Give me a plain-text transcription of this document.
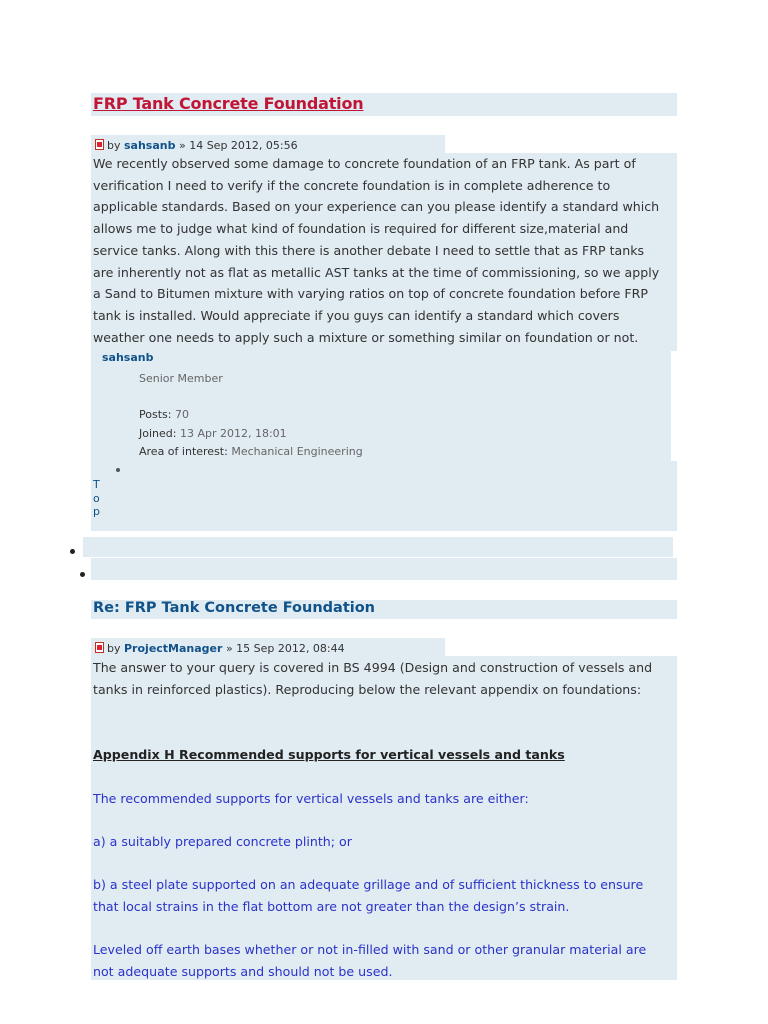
FRP Tank Concrete Foundation
by sahsanb » 14 Sep 2012, 05:56
We recently observed some damage to concrete foundation of an FRP tank. As part of
verification I need to verify if the concrete foundation is in complete adherence to
applicable standards. Based on your experience can you please identify a standard which
allows me to judge what kind of foundation is required for different size,material and
service tanks. Along with this there is another debate I need to settle that as FRP tanks
are inherently not as flat as metallic AST tanks at the time of commissioning, so we apply
a Sand to Bitumen mixture with varying ratios on top of concrete foundation before FRP
tank is installed. Would appreciate if you guys can identify a standard which covers
weather one needs to apply such a mixture or something similar on foundation or not.
sahsanb
Senior Member
Posts: 70
Joined: 13 Apr 2012, 18:01
Area of interest: Mechanical Engineering
T
o
p
Re: FRP Tank Concrete Foundation
by ProjectManager » 15 Sep 2012, 08:44
The answer to your query is covered in BS 4994 (Design and construction of vessels and
tanks in reinforced plastics). Reproducing below the relevant appendix on foundations:
Appendix H Recommended supports for vertical vessels and tanks
The recommended supports for vertical vessels and tanks are either:
a) a suitably prepared concrete plinth; or
b) a steel plate supported on an adequate grillage and of sufficient thickness to ensure
that local strains in the flat bottom are not greater than the design’s strain.
Leveled off earth bases whether or not in-filled with sand or other granular material are
not adequate supports and should not be used.
